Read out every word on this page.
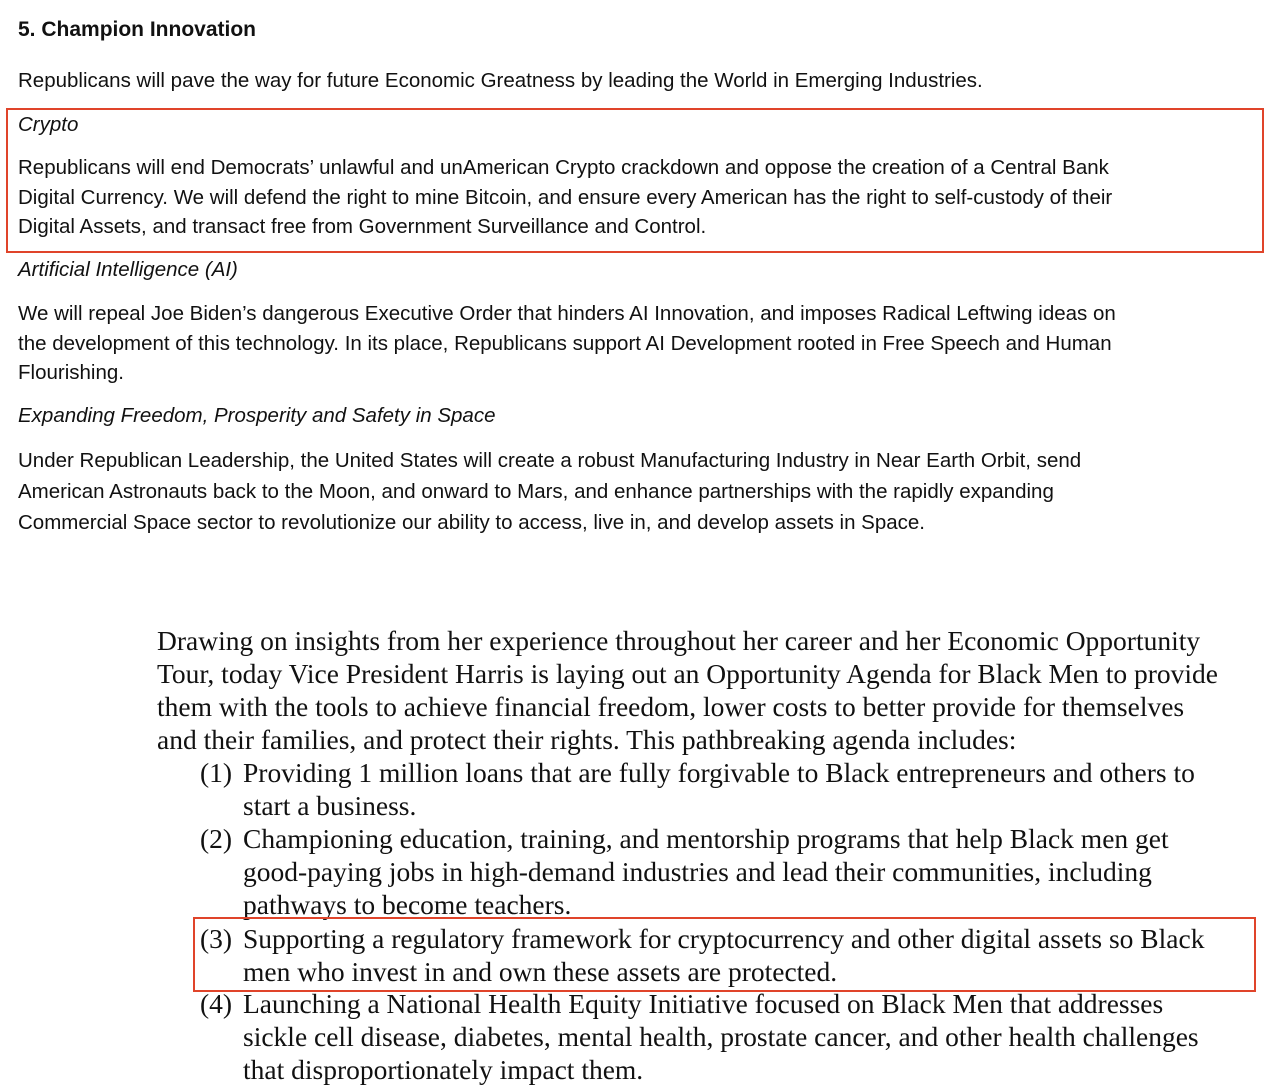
5. Champion Innovation
Republicans will pave the way for future Economic Greatness by leading the World in Emerging Industries.
Crypto
Republicans will end Democrats’ unlawful and unAmerican Crypto crackdown and oppose the creation of a Central Bank
Digital Currency. We will defend the right to mine Bitcoin, and ensure every American has the right to self-custody of their
Digital Assets, and transact free from Government Surveillance and Control.
Artificial Intelligence (AI)
We will repeal Joe Biden’s dangerous Executive Order that hinders AI Innovation, and imposes Radical Leftwing ideas on
the development of this technology. In its place, Republicans support AI Development rooted in Free Speech and Human
Flourishing.
Expanding Freedom, Prosperity and Safety in Space
Under Republican Leadership, the United States will create a robust Manufacturing Industry in Near Earth Orbit, send
American Astronauts back to the Moon, and onward to Mars, and enhance partnerships with the rapidly expanding
Commercial Space sector to revolutionize our ability to access, live in, and develop assets in Space.
Drawing on insights from her experience throughout her career and her Economic Opportunity
Tour, today Vice President Harris is laying out an Opportunity Agenda for Black Men to provide
them with the tools to achieve financial freedom, lower costs to better provide for themselves
and their families, and protect their rights. This pathbreaking agenda includes:
(1) Providing 1 million loans that are fully forgivable to Black entrepreneurs and others to
start a business.
(2) Championing education, training, and mentorship programs that help Black men get
good-paying jobs in high-demand industries and lead their communities, including
pathways to become teachers.
(3) Supporting a regulatory framework for cryptocurrency and other digital assets so Black
men who invest in and own these assets are protected.
(4) Launching a National Health Equity Initiative focused on Black Men that addresses
sickle cell disease, diabetes, mental health, prostate cancer, and other health challenges
that disproportionately impact them.
